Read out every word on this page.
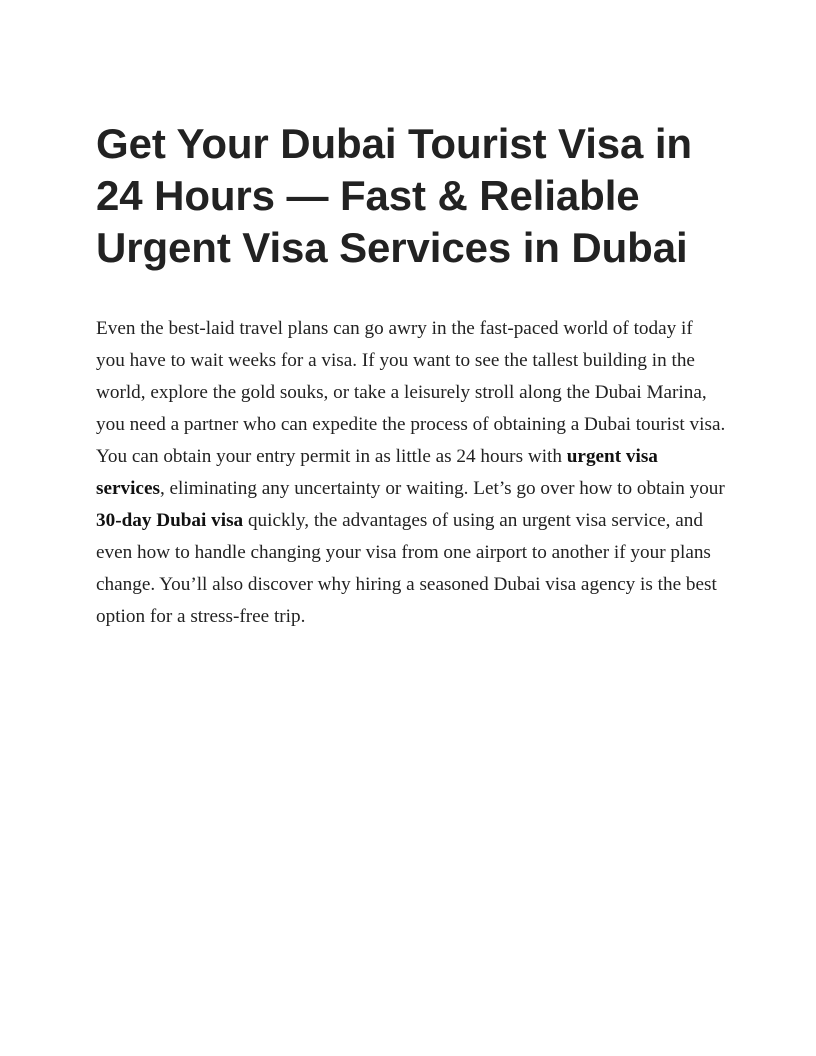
Get Your Dubai Tourist Visa in 24 Hours — Fast & Reliable Urgent Visa Services in Dubai

Even the best-laid travel plans can go awry in the fast-paced world of today if you have to wait weeks for a visa. If you want to see the tallest building in the world, explore the gold souks, or take a leisurely stroll along the Dubai Marina, you need a partner who can expedite the process of obtaining a Dubai tourist visa. You can obtain your entry permit in as little as 24 hours with urgent visa services, eliminating any uncertainty or waiting. Let’s go over how to obtain your 30-day Dubai visa quickly, the advantages of using an urgent visa service, and even how to handle changing your visa from one airport to another if your plans change. You’ll also discover why hiring a seasoned Dubai visa agency is the best option for a stress-free trip.
